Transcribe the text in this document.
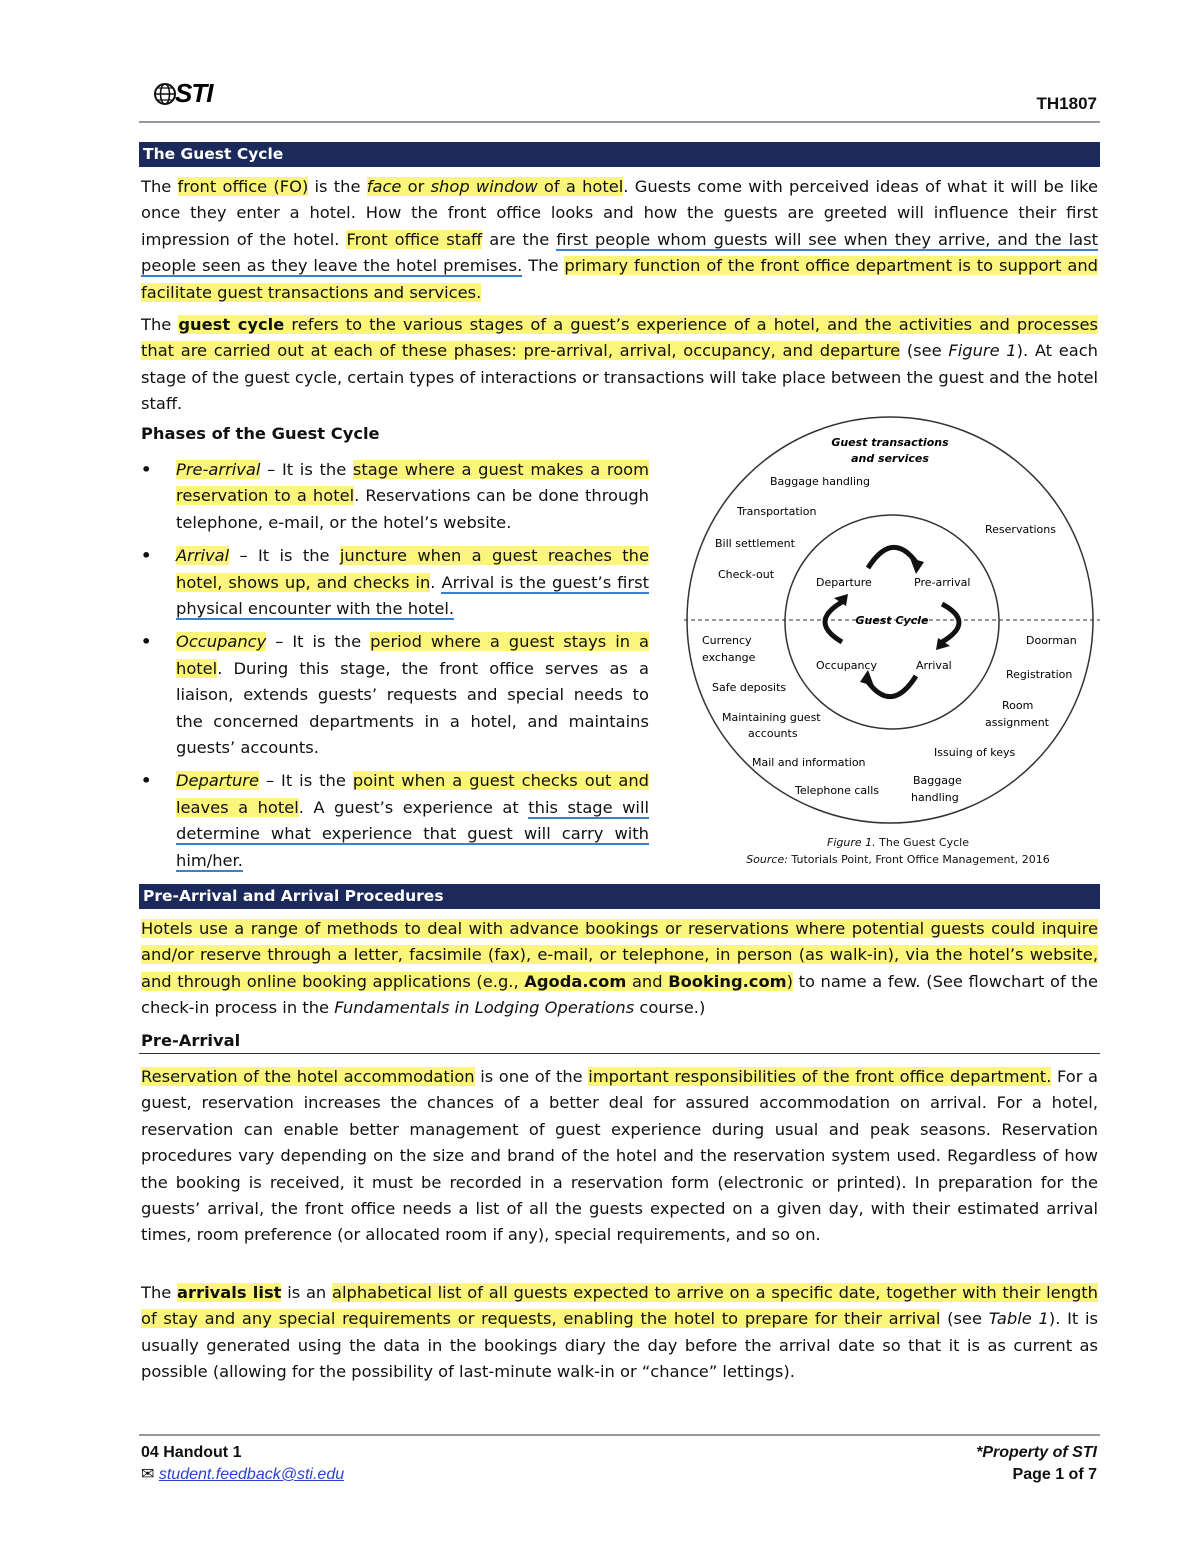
STI	TH1807
The Guest Cycle
The front office (FO) is the face or shop window of a hotel. Guests come with perceived ideas of what it will be like once they enter a hotel. How the front office looks and how the guests are greeted will influence their first impression of the hotel. Front office staff are the first people whom guests will see when they arrive, and the last people seen as they leave the hotel premises. The primary function of the front office department is to support and facilitate guest transactions and services.
The guest cycle refers to the various stages of a guest’s experience of a hotel, and the activities and processes that are carried out at each of these phases: pre-arrival, arrival, occupancy, and departure (see Figure 1). At each stage of the guest cycle, certain types of interactions or transactions will take place between the guest and the hotel staff.
Phases of the Guest Cycle
• Pre-arrival – It is the stage where a guest makes a room reservation to a hotel. Reservations can be done through telephone, e-mail, or the hotel’s website.
• Arrival – It is the juncture when a guest reaches the hotel, shows up, and checks in. Arrival is the guest’s first physical encounter with the hotel.
• Occupancy – It is the period where a guest stays in a hotel. During this stage, the front office serves as a liaison, extends guests’ requests and special needs to the concerned departments in a hotel, and maintains guests’ accounts.
• Departure – It is the point when a guest checks out and leaves a hotel. A guest’s experience at this stage will determine what experience that guest will carry with him/her.
Guest transactions
and services
Baggage handling
Transportation
Reservations
Bill settlement
Check-out
Currency
exchange
Doorman
Registration
Safe deposits
Room
assignment
Maintaining guest
accounts
Issuing of keys
Mail and information
Baggage
handling
Telephone calls
Departure	Pre-arrival
Occupancy	Arrival
Guest Cycle
Figure 1. The Guest Cycle
Source: Tutorials Point, Front Office Management, 2016
Pre-Arrival and Arrival Procedures
Hotels use a range of methods to deal with advance bookings or reservations where potential guests could inquire and/or reserve through a letter, facsimile (fax), e-mail, or telephone, in person (as walk-in), via the hotel’s website, and through online booking applications (e.g., Agoda.com and Booking.com) to name a few. (See flowchart of the check-in process in the Fundamentals in Lodging Operations course.)
Pre-Arrival
Reservation of the hotel accommodation is one of the important responsibilities of the front office department. For a guest, reservation increases the chances of a better deal for assured accommodation on arrival. For a hotel, reservation can enable better management of guest experience during usual and peak seasons. Reservation procedures vary depending on the size and brand of the hotel and the reservation system used. Regardless of how the booking is received, it must be recorded in a reservation form (electronic or printed). In preparation for the guests’ arrival, the front office needs a list of all the guests expected on a given day, with their estimated arrival times, room preference (or allocated room if any), special requirements, and so on.
The arrivals list is an alphabetical list of all guests expected to arrive on a specific date, together with their length of stay and any special requirements or requests, enabling the hotel to prepare for their arrival (see Table 1). It is usually generated using the data in the bookings diary the day before the arrival date so that it is as current as possible (allowing for the possibility of last-minute walk-in or “chance” lettings).
04 Handout 1
✉ student.feedback@sti.edu
*Property of STI
Page 1 of 7
